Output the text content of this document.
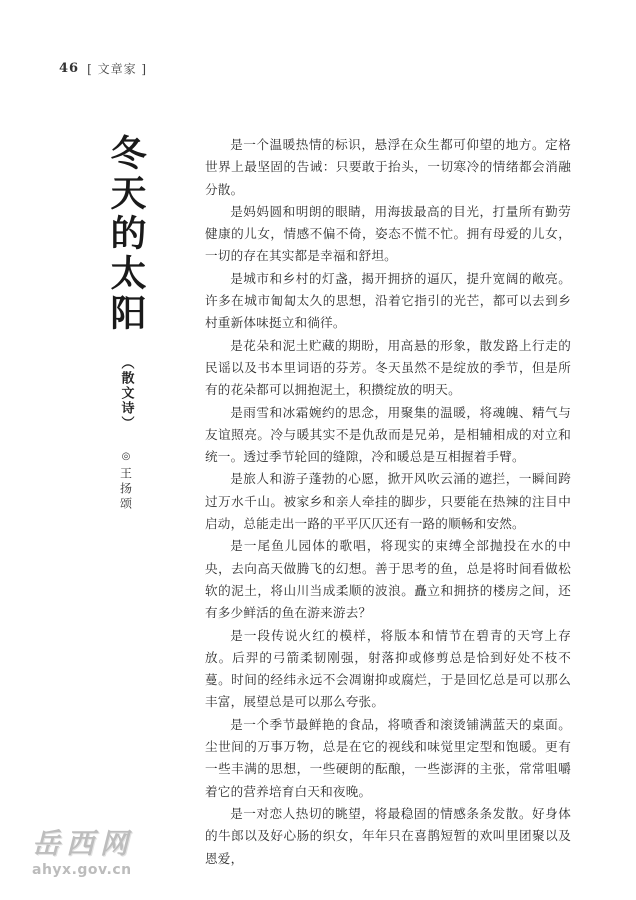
46 [ 文章家 ]
冬天的太阳
（散文诗）
◎
王扬颂

是一个温暖热情的标识，悬浮在众生都可仰望的地方。定格世界上最坚固的告诫：只要敢于抬头，一切寒冷的情绪都会消融分散。

是妈妈圆和明朗的眼睛，用海拔最高的目光，打量所有勤劳健康的儿女，情感不偏不倚，姿态不慌不忙。拥有母爱的儿女，一切的存在其实都是幸福和舒坦。

是城市和乡村的灯盏，揭开拥挤的逼仄，提升宽阔的敞亮。许多在城市匍匐太久的思想，沿着它指引的光芒，都可以去到乡村重新体味挺立和徜徉。

是花朵和泥土贮藏的期盼，用高悬的形象，散发路上行走的民谣以及书本里词语的芬芳。冬天虽然不是绽放的季节，但是所有的花朵都可以拥抱泥土，积攒绽放的明天。

是雨雪和冰霜婉约的思念，用聚集的温暖，将魂魄、精气与友谊照亮。冷与暖其实不是仇敌而是兄弟，是相辅相成的对立和统一。透过季节轮回的缝隙，冷和暖总是互相握着手臂。

是旅人和游子蓬勃的心愿，掀开风吹云涌的遮拦，一瞬间跨过万水千山。被家乡和亲人牵挂的脚步，只要能在热辣的注目中启动，总能走出一路的平平仄仄还有一路的顺畅和安然。

是一尾鱼儿园体的歌唱，将现实的束缚全部抛投在水的中央，去向高天做腾飞的幻想。善于思考的鱼，总是将时间看做松软的泥土，将山川当成柔顺的波浪。矗立和拥挤的楼房之间，还有多少鲜活的鱼在游来游去？

是一段传说火红的模样，将版本和情节在碧青的天穹上存放。后羿的弓箭柔韧刚强，射落抑或修剪总是恰到好处不枝不蔓。时间的经纬永远不会凋谢抑或腐烂，于是回忆总是可以那么丰富，展望总是可以那么夸张。

是一个季节最鲜艳的食品，将喷香和滚烫铺满蓝天的桌面。尘世间的万事万物，总是在它的视线和味觉里定型和饱暖。更有一些丰满的思想，一些硬朗的酝酿，一些澎湃的主张，常常咀嚼着它的营养培育白天和夜晚。

是一对恋人热切的眺望，将最稳固的情感条条发散。好身体的牛郎以及好心肠的织女，年年只在喜鹊短暂的欢叫里团聚以及恩爱，

岳西网
ahyx.gov.cn
